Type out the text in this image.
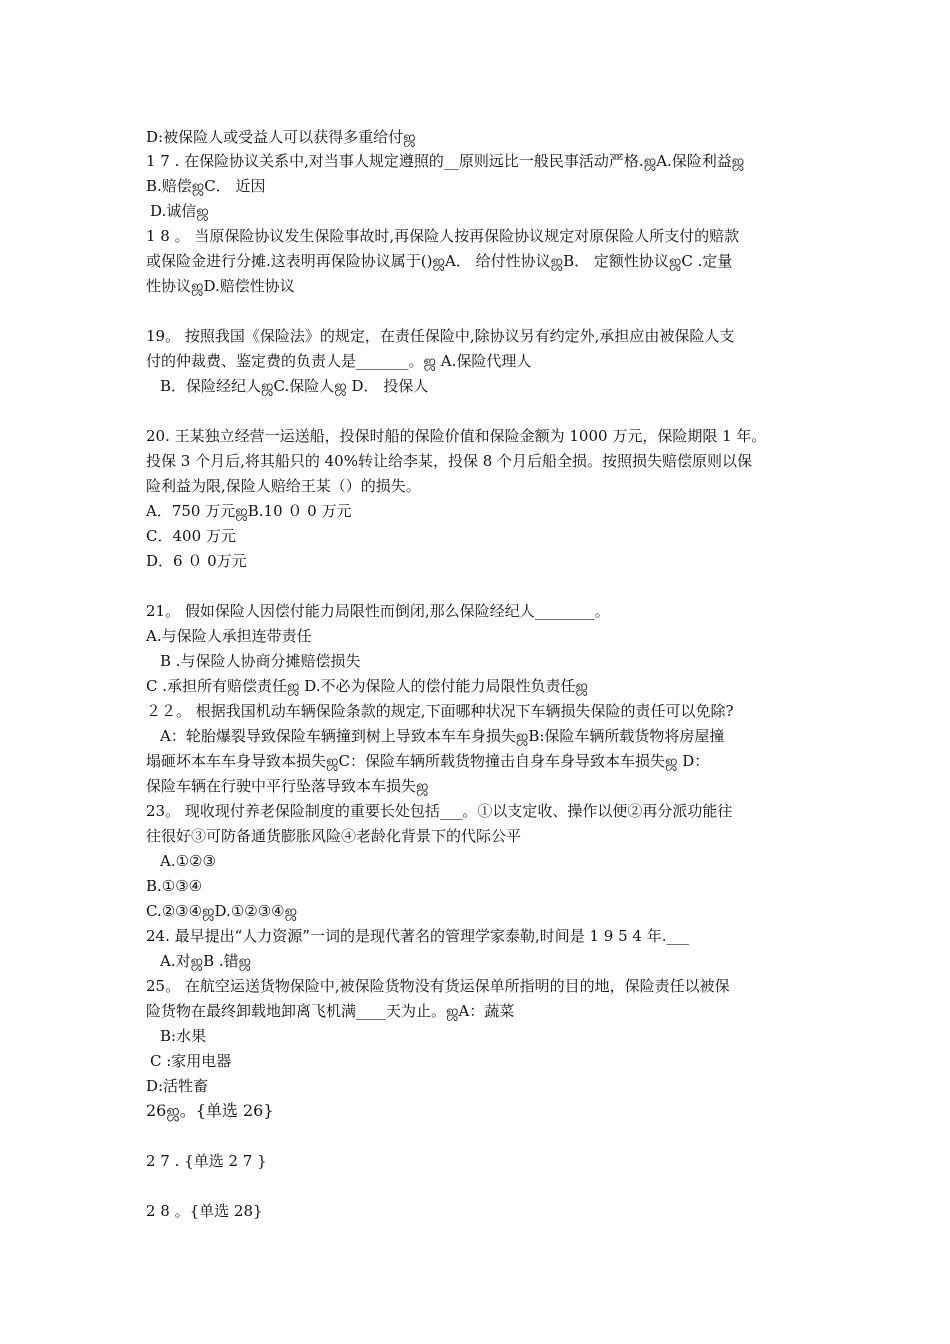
D:被保险人或受益人可以获得多重给付ஜ
1 7 . 在保险协议关系中,对当事人规定遵照的__原则远比一般民事活动严格.ஜA.保险利益ஜ
B.赔偿ஜC． 近因
D.诚信ஜ
1 8 。 当原保险协议发生保险事故时,再保险人按再保险协议规定对原保险人所支付的赔款
或保险金进行分摊.这表明再保险协议属于()ஜA． 给付性协议ஜB． 定额性协议ஜC .定量
性协议ஜD.赔偿性协议
19。 按照我国《保险法》的规定，在责任保险中,除协议另有约定外,承担应由被保险人支
付的仲裁费、鉴定费的负责人是_______。ஜ A.保险代理人
B．保险经纪人ஜC.保险人ஜ D． 投保人
20. 王某独立经营一运送船，投保时船的保险价值和保险金额为 1000 万元，保险期限 1 年。
投保 3 个月后,将其船只的 40%转让给李某，投保 8 个月后船全损。按照损失赔偿原则以保
险利益为限,保险人赔给王某（）的损失。
A．750 万元ஜB.10 ０ 0 万元
C．400 万元
D．6 ０ 0万元
21。 假如保险人因偿付能力局限性而倒闭,那么保险经纪人________。
A.与保险人承担连带责任
B .与保险人协商分摊赔偿损失
C .承担所有赔偿责任ஜ D.不必为保险人的偿付能力局限性负责任ஜ
２２。 根据我国机动车辆保险条款的规定,下面哪种状况下车辆损失保险的责任可以免除?
A：轮胎爆裂导致保险车辆撞到树上导致本车车身损失ஜB:保险车辆所载货物将房屋撞
塌砸坏本车车身导致本损失ஜC：保险车辆所载货物撞击自身车身导致本车损失ஜ D：
保险车辆在行驶中平行坠落导致本车损失ஜ
23。 现收现付养老保险制度的重要长处包括___。①以支定收、操作以便②再分派功能往
往很好③可防备通货膨胀风险④老龄化背景下的代际公平
A.①②③
B.①③④
C.②③④ஜD.①②③④ஜ
24. 最早提出“人力资源”一词的是现代著名的管理学家泰勒,时间是 1 9 5 4 年.___
A.对ஜB .错ஜ
25。 在航空运送货物保险中,被保险货物没有货运保单所指明的目的地，保险责任以被保
险货物在最终卸载地卸离飞机满____天为止。ஜA：蔬菜
B:水果
C :家用电器
D:活牲畜
26ஜ。{单选 26}
2 7 . {单选 2 7 }
2 8 。{单选 28}
